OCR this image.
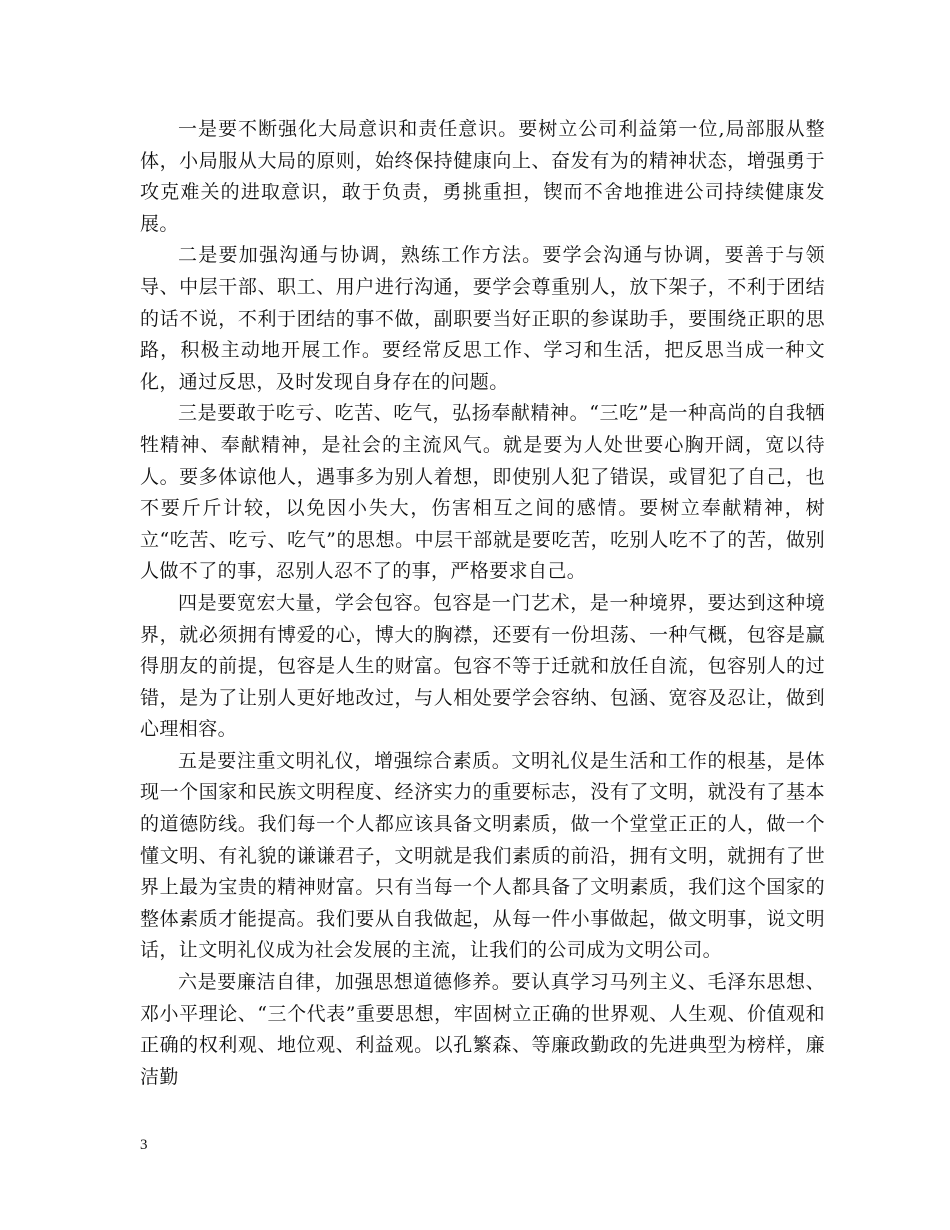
一是要不断强化大局意识和责任意识。要树立公司利益第一位,局部服从整体，小局服从大局的原则，始终保持健康向上、奋发有为的精神状态，增强勇于攻克难关的进取意识，敢于负责，勇挑重担，锲而不舍地推进公司持续健康发展。

二是要加强沟通与协调，熟练工作方法。要学会沟通与协调，要善于与领导、中层干部、职工、用户进行沟通，要学会尊重别人，放下架子，不利于团结的话不说，不利于团结的事不做，副职要当好正职的参谋助手，要围绕正职的思路，积极主动地开展工作。要经常反思工作、学习和生活，把反思当成一种文化，通过反思，及时发现自身存在的问题。

三是要敢于吃亏、吃苦、吃气，弘扬奉献精神。“三吃”是一种高尚的自我牺牲精神、奉献精神，是社会的主流风气。就是要为人处世要心胸开阔，宽以待人。要多体谅他人，遇事多为别人着想，即使别人犯了错误，或冒犯了自己，也不要斤斤计较，以免因小失大，伤害相互之间的感情。要树立奉献精神，树立“吃苦、吃亏、吃气”的思想。中层干部就是要吃苦，吃别人吃不了的苦，做别人做不了的事，忍别人忍不了的事，严格要求自己。

四是要宽宏大量，学会包容。包容是一门艺术，是一种境界，要达到这种境界，就必须拥有博爱的心，博大的胸襟，还要有一份坦荡、一种气概，包容是赢得朋友的前提，包容是人生的财富。包容不等于迁就和放任自流，包容别人的过错，是为了让别人更好地改过，与人相处要学会容纳、包涵、宽容及忍让，做到心理相容。

五是要注重文明礼仪，增强综合素质。文明礼仪是生活和工作的根基，是体现一个国家和民族文明程度、经济实力的重要标志，没有了文明，就没有了基本的道德防线。我们每一个人都应该具备文明素质，做一个堂堂正正的人，做一个懂文明、有礼貌的谦谦君子，文明就是我们素质的前沿，拥有文明，就拥有了世界上最为宝贵的精神财富。只有当每一个人都具备了文明素质，我们这个国家的整体素质才能提高。我们要从自我做起，从每一件小事做起，做文明事，说文明话，让文明礼仪成为社会发展的主流，让我们的公司成为文明公司。

六是要廉洁自律，加强思想道德修养。要认真学习马列主义、毛泽东思想、邓小平理论、“三个代表”重要思想，牢固树立正确的世界观、人生观、价值观和正确的权利观、地位观、利益观。以孔繁森、等廉政勤政的先进典型为榜样，廉洁勤

3
